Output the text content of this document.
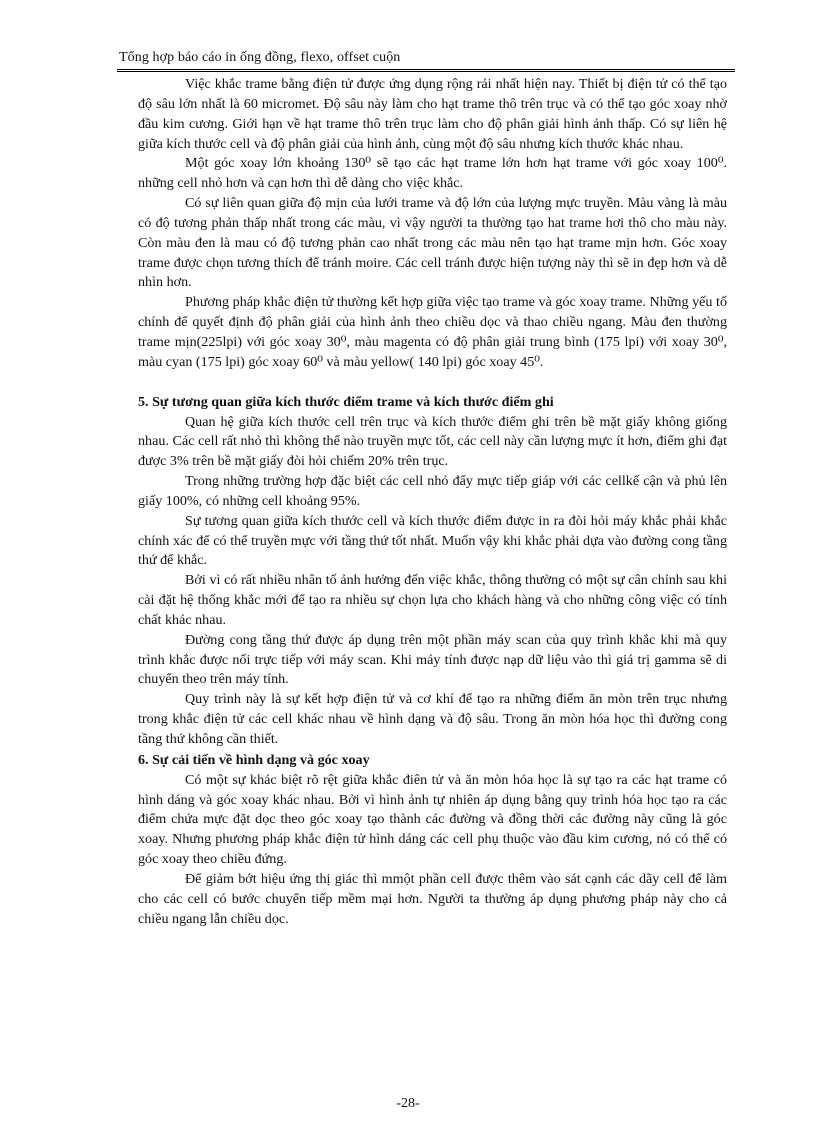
Tổng hợp báo cáo in ống đồng, flexo, offset cuộn

Việc khắc trame bằng điện tử được ứng dụng rộng rải nhất hiện nay. Thiết bị điện tử có thể tạo độ sâu lớn nhất là 60 micromet. Độ sâu này làm cho hạt trame thô trên trục và có thể tạo góc xoay nhờ đầu kim cương. Giới hạn về hạt trame thô trên trục làm cho độ phân giải hình ảnh thấp. Có sự liên hệ giữa kích thước cell và độ phân giải của hình ảnh, cùng một độ sâu nhưng kích thước khác nhau.

Một góc xoay lớn khoảng 130⁰ sẽ tạo các hạt trame lớn hơn hạt trame với góc xoay 100⁰. những cell nhỏ hơn và cạn hơn thì dễ dàng cho việc khắc.

Có sự liên quan giữa độ mịn của lưới trame và độ lớn của lượng mực truyền. Màu vàng là màu có độ tương phản thấp nhất trong các màu, vì vậy người ta thường tạo hat trame hơi thô cho màu này. Còn màu đen là mau có độ tương phản cao nhất trong các màu nên tạo hạt trame mịn hơn. Góc xoay trame được chọn tương thích để tránh moire. Các cell tránh được hiện tượng này thì sẽ in đẹp hơn và dễ nhìn hơn.

Phương pháp khắc điện tử thường kết hợp giữa việc tạo trame và góc xoay trame. Những yếu tố chính để quyết định độ phân giải của hình ảnh theo chiều dọc và thao chiều ngang. Màu đen thường trame mịn(225lpi) với góc xoay 30⁰, màu magenta có độ phân giải trung bình (175 lpi) với xoay 30⁰, màu cyan (175 lpi) góc xoay 60⁰ và màu yellow( 140 lpi) góc xoay 45⁰.

5. Sự tương quan giữa kích thước điểm trame và kích thước điểm ghi

Quan hệ giữa kích thước cell trên trục và kích thước điểm ghi trên bề mặt giấy không giống nhau. Các cell rất nhỏ thì không thể nào truyền mực tốt, các cell này cần lượng mực ít hơn, điểm ghi đạt được 3% trên bề mặt giấy đòi hỏi chiếm 20% trên trục.

Trong những trường hợp đặc biệt các cell nhỏ đẩy mực tiếp giáp với các cellkế cận và phủ lên giấy 100%, có những cell khoảng 95%.

Sự tương quan giữa kích thước cell và kích thước điểm được in ra đòi hỏi máy khắc phải khắc chính xác để có thể truyền mực với tầng thứ tốt nhất. Muốn vậy khi khắc phải dựa vào đường cong tầng thứ để khắc.

Bởi vì có rất nhiều nhân tố ảnh hưởng đến việc khắc, thông thường có một sự cân chỉnh sau khi cài đặt hệ thống khắc mới để tạo ra nhiều sự chọn lựa cho khách hàng và cho những công việc có tính chất khác nhau.

Đường cong tầng thứ được áp dụng trên một phần máy scan của quy trình khắc khi mà quy trình khắc được nối trực tiếp với máy scan. Khi máy tính được nạp dữ liệu vào thì giá trị gamma sẽ di chuyển theo trên máy tính.

Quy trình này là sự kết hợp điện tử và cơ khí để tạo ra những điểm ăn mòn trên trục nhưng trong khắc điện tử các cell khác nhau về hình dạng và độ sâu. Trong ăn mòn hóa học thì đường cong tầng thứ không cần thiết.

6. Sự cải tiến về hình dạng và góc xoay

Có một sự khác biệt rõ rệt giữa khắc điên tử và ăn mòn hóa học là sự tạo ra các hạt trame có hình dáng và góc xoay khác nhau. Bởi vì hình ảnh tự nhiên áp dụng bằng quy trình hóa học tạo ra các điểm chứa mực đặt dọc theo góc xoay tạo thành các đường và đồng thời các đường này cũng là góc xoay. Nhưng phương pháp khắc điện tử hình dáng các cell phụ thuộc vào đầu kim cương, nó có thể có góc xoay theo chiều đứng.

Để giảm bớt hiệu ứng thị giác thì mmột phần cell được thêm vào sát cạnh các dãy cell để làm cho các cell có bước chuyển tiếp mềm mại hơn. Người ta thường áp dụng phương pháp này cho cả chiều ngang lẫn chiều dọc.

-28-
